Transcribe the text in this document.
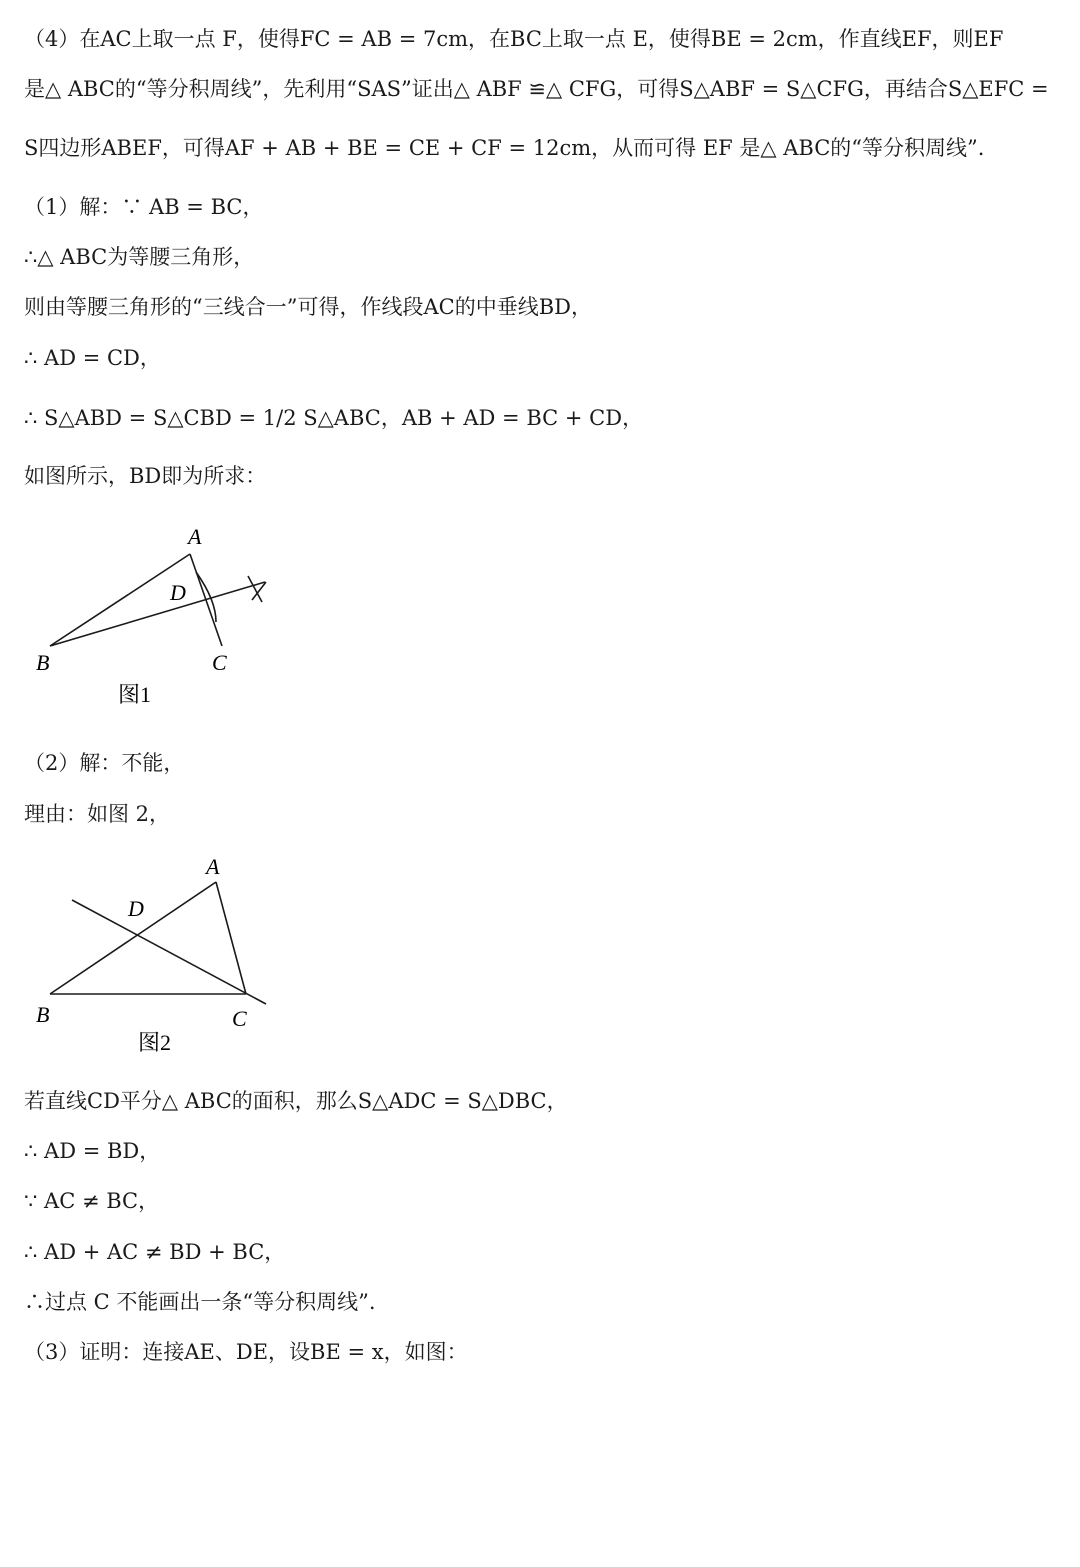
（4）在AC上取一点 F，使得FC = AB = 7cm，在BC上取一点 E，使得BE = 2cm，作直线EF，则EF
是△ ABC的“等分积周线”，先利用“SAS”证出△ ABF ≌△ CFG，可得S△ABF = S△CFG，再结合S△EFC =
S四边形ABEF，可得AF + AB + BE = CE + CF = 12cm，从而可得 EF 是△ ABC的“等分积周线”.
（1）解：∵ AB = BC，
∴△ ABC为等腰三角形，
则由等腰三角形的“三线合一”可得，作线段AC的中垂线BD，
∴ AD = CD，
∴ S△ABD = S△CBD = 1/2 S△ABC，AB + AD = BC + CD，
如图所示，BD即为所求：
A
D
B	C
图1
（2）解：不能，
理由：如图 2，
A
D
B	C
图2
若直线CD平分△ ABC的面积，那么S△ADC = S△DBC，
∴ AD = BD，
∵ AC ≠ BC，
∴ AD + AC ≠ BD + BC，
∴过点 C 不能画出一条“等分积周线”.
（3）证明：连接AE、DE，设BE = x，如图：
